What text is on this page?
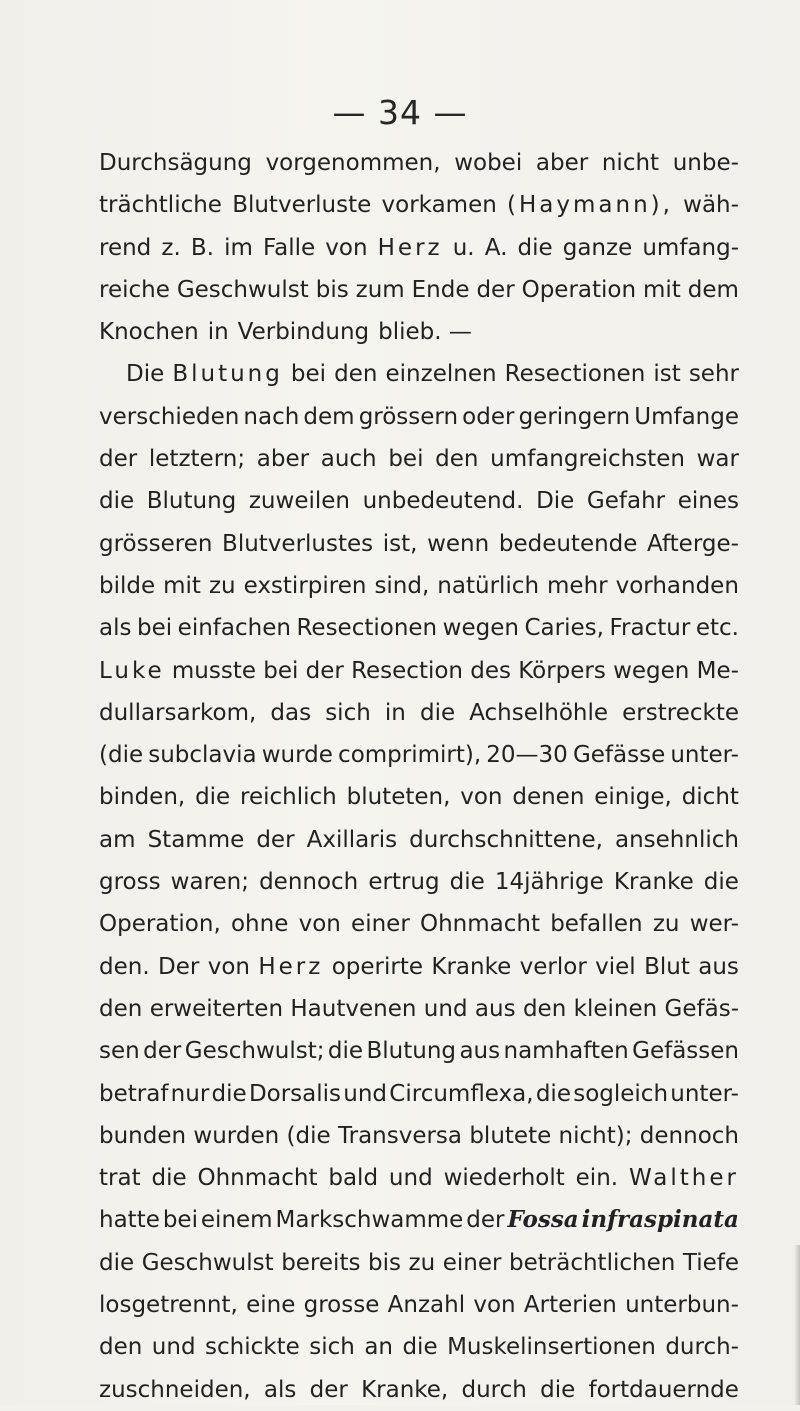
— 34 —
Durchsägung vorgenommen, wobei aber nicht unbe-
trächtliche Blutverluste vorkamen (Haymann), wäh-
rend z. B. im Falle von Herz u. A. die ganze umfang-
reiche Geschwulst bis zum Ende der Operation mit dem
Knochen in Verbindung blieb. —
Die Blutung bei den einzelnen Resectionen ist sehr
verschieden nach dem grössern oder geringern Umfange
der letztern; aber auch bei den umfangreichsten war
die Blutung zuweilen unbedeutend. Die Gefahr eines
grösseren Blutverlustes ist, wenn bedeutende Afterge-
bilde mit zu exstirpiren sind, natürlich mehr vorhanden
als bei einfachen Resectionen wegen Caries, Fractur etc.
Luke musste bei der Resection des Körpers wegen Me-
dullarsarkom, das sich in die Achselhöhle erstreckte
(die subclavia wurde comprimirt), 20—30 Gefässe unter-
binden, die reichlich bluteten, von denen einige, dicht
am Stamme der Axillaris durchschnittene, ansehnlich
gross waren; dennoch ertrug die 14jährige Kranke die
Operation, ohne von einer Ohnmacht befallen zu wer-
den. Der von Herz operirte Kranke verlor viel Blut aus
den erweiterten Hautvenen und aus den kleinen Gefäs-
sen der Geschwulst; die Blutung aus namhaften Gefässen
betraf nur die Dorsalis und Circumflexa, die sogleich unter-
bunden wurden (die Transversa blutete nicht); dennoch
trat die Ohnmacht bald und wiederholt ein. Walther
hatte bei einem Markschwamme der Fossa infraspinata
die Geschwulst bereits bis zu einer beträchtlichen Tiefe
losgetrennt, eine grosse Anzahl von Arterien unterbun-
den und schickte sich an die Muskelinsertionen durch-
zuschneiden, als der Kranke, durch die fortdauernde
